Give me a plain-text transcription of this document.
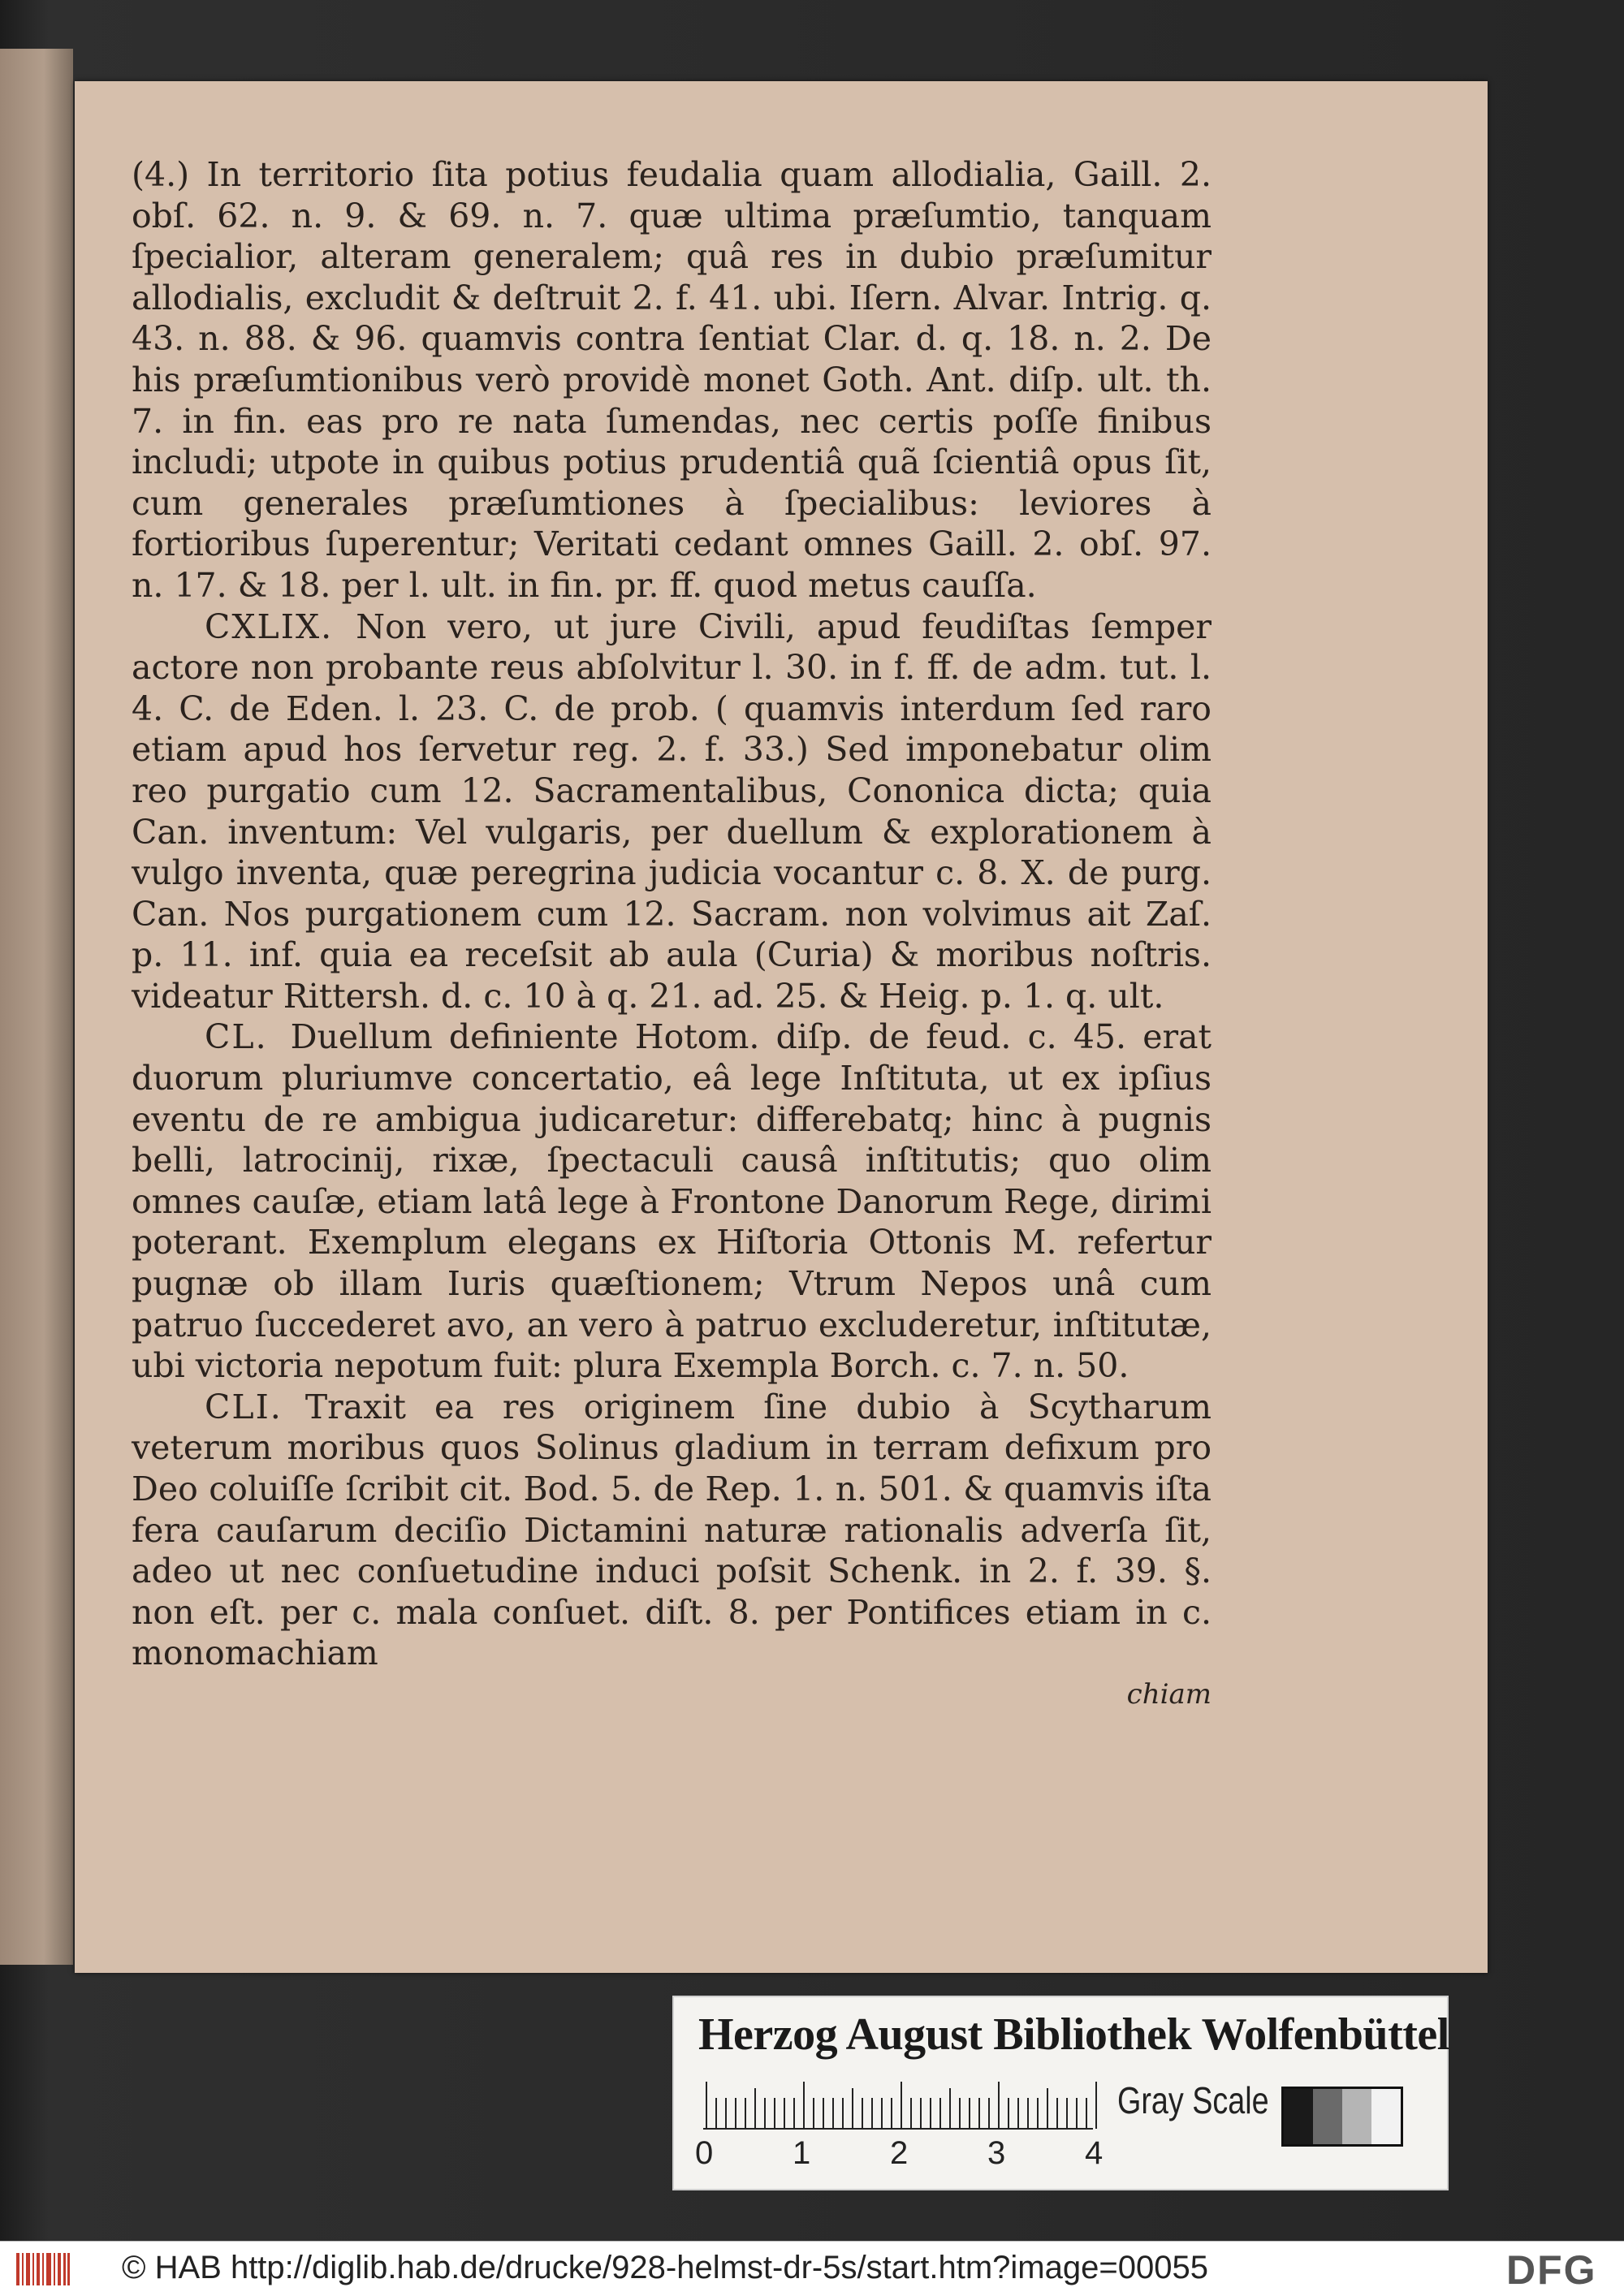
(4.) In territorio ſita potius feudalia quam allodialia, Gaill. 2. obſ. 62. n. 9. & 69. n. 7. quæ ultima præſumtio, tanquam ſpecialior, alteram generalem; quâ res in dubio præſumitur allodialis, excludit & deſtruit 2. f. 41. ubi. Iſern. Alvar. Intrig. q. 43. n. 88. & 96. quamvis contra ſentiat Clar. d. q. 18. n. 2. De his præſumtionibus verò providè monet Goth. Ant. diſp. ult. th. 7. in fin. eas pro re nata ſumendas, nec certis poſſe finibus includi; utpote in quibus potius prudentiâ quã ſcientiâ opus ſit, cum generales præſumtiones à ſpecialibus: leviores à fortioribus ſuperentur; Veritati cedant omnes Gaill. 2. obſ. 97. n. 17. & 18. per l. ult. in fin. pr. ff. quod metus cauſſa.

CXLIX. Non vero, ut jure Civili, apud feudiſtas ſemper actore non probante reus abſolvitur l. 30. in f. ff. de adm. tut. l. 4. C. de Eden. l. 23. C. de prob. ( quamvis interdum ſed raro etiam apud hos ſervetur reg. 2. f. 33.) Sed imponebatur olim reo purgatio cum 12. Sacramentalibus, Cononica dicta; quia Can. inventum: Vel vulgaris, per duellum & explorationem à vulgo inventa, quæ peregrina judicia vocantur c. 8. X. de purg. Can. Nos purgationem cum 12. Sacram. non volvimus ait Zaſ. p. 11. inf. quia ea receſsit ab aula (Curia) & moribus noſtris. videatur Rittersh. d. c. 10 à q. 21. ad. 25. & Heig. p. 1. q. ult.

CL. Duellum definiente Hotom. diſp. de feud. c. 45. erat duorum pluriumve concertatio, eâ lege Inſtituta, ut ex ipſius eventu de re ambigua judicaretur: differebatq; hinc à pugnis belli, latrocinij, rixæ, ſpectaculi causâ inſtitutis; quo olim omnes cauſæ, etiam latâ lege à Frontone Danorum Rege, dirimi poterant. Exemplum elegans ex Hiſtoria Ottonis M. refertur pugnæ ob illam Iuris quæſtionem; Vtrum Nepos unâ cum patruo ſuccederet avo, an vero à patruo excluderetur, inſtitutæ, ubi victoria nepotum fuit: plura Exempla Borch. c. 7. n. 50.

CLI. Traxit ea res originem ſine dubio à Scytharum veterum moribus quos Solinus gladium in terram defixum pro Deo coluiſſe ſcribit cit. Bod. 5. de Rep. 1. n. 501. & quamvis iſta fera cauſarum deciſio Dictamini naturæ rationalis adverſa ſit, adeo ut nec conſuetudine induci poſsit Schenk. in 2. f. 39. §. non eſt. per c. mala conſuet. diſt. 8. per Pontifices etiam in c. monomachiam

chiam

Herzog August Bibliothek Wolfenbüttel
0 1 2 3 4
Gray Scale
© HAB http://diglib.hab.de/drucke/928-helmst-dr-5s/start.htm?image=00055	DFG
